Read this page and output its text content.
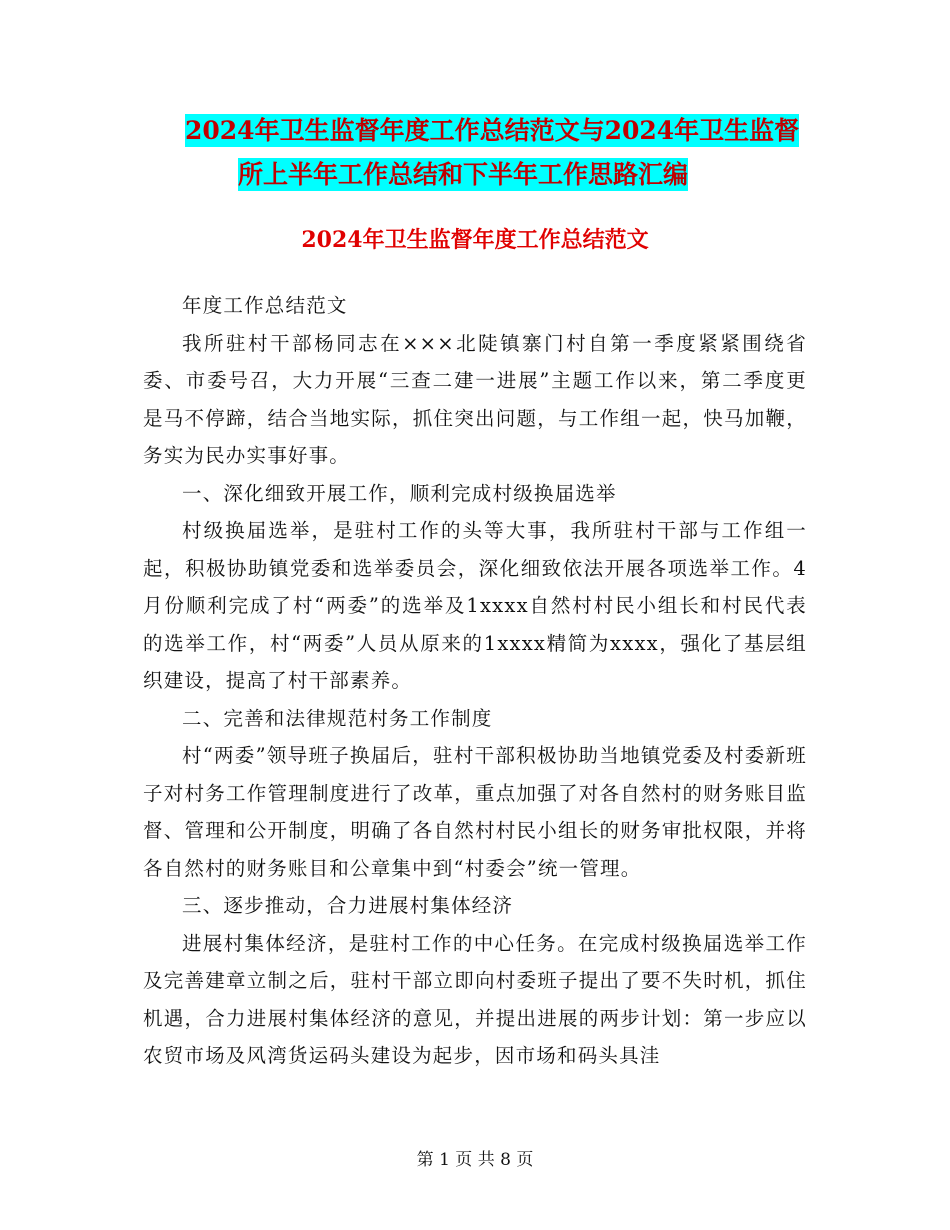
2024年卫生监督年度工作总结范文与2024年卫生监督
所上半年工作总结和下半年工作思路汇编
2024年卫生监督年度工作总结范文

年度工作总结范文

我所驻村干部杨同志在×××北陡镇寨门村自第一季度紧紧围绕省委、市委号召，大力开展“三查二建一进展”主题工作以来，第二季度更是马不停蹄，结合当地实际，抓住突出问题，与工作组一起，快马加鞭，务实为民办实事好事。

一、深化细致开展工作，顺利完成村级换届选举

村级换届选举，是驻村工作的头等大事，我所驻村干部与工作组一起，积极协助镇党委和选举委员会，深化细致依法开展各项选举工作。4月份顺利完成了村“两委”的选举及1xxxx自然村村民小组长和村民代表的选举工作，村“两委”人员从原来的1xxxx精简为xxxx，强化了基层组织建设，提高了村干部素养。

二、完善和法律规范村务工作制度

村“两委”领导班子换届后，驻村干部积极协助当地镇党委及村委新班子对村务工作管理制度进行了改革，重点加强了对各自然村的财务账目监督、管理和公开制度，明确了各自然村村民小组长的财务审批权限，并将各自然村的财务账目和公章集中到“村委会”统一管理。

三、逐步推动，合力进展村集体经济

进展村集体经济，是驻村工作的中心任务。在完成村级换届选举工作及完善建章立制之后，驻村干部立即向村委班子提出了要不失时机，抓住机遇，合力进展村集体经济的意见，并提出进展的两步计划：第一步应以农贸市场及风湾货运码头建设为起步，因市场和码头具洼

第 1 页 共 8 页
